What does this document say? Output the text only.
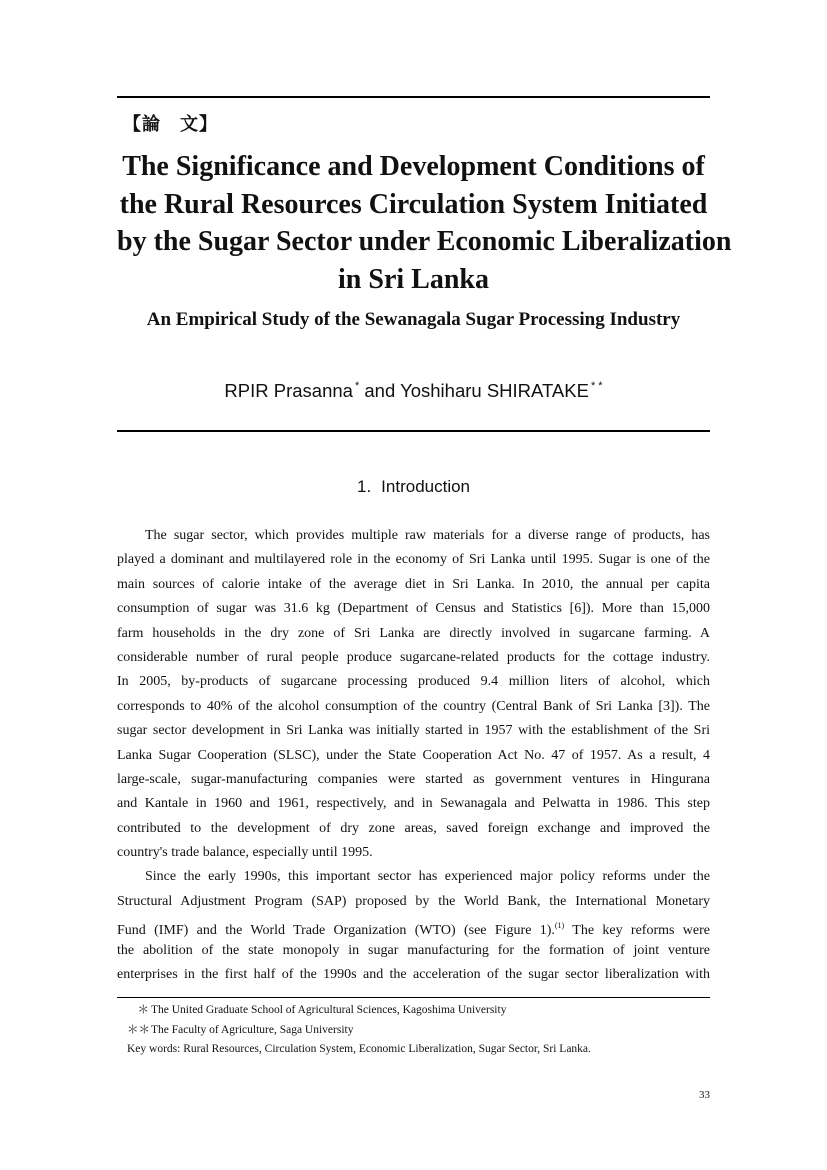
【論　文】
The Significance and Development Conditions of
the Rural Resources Circulation System Initiated
by the Sugar Sector under Economic Liberalization
in Sri Lanka
An Empirical Study of the Sewanagala Sugar Processing Industry
RPIR Prasanna * and Yoshiharu SHIRATAKE * *
1. Introduction
The sugar sector, which provides multiple raw materials for a diverse range of products, has
played a dominant and multilayered role in the economy of Sri Lanka until 1995. Sugar is one of the
main sources of calorie intake of the average diet in Sri Lanka. In 2010, the annual per capita
consumption of sugar was 31.6 kg (Department of Census and Statistics [6]). More than 15,000
farm households in the dry zone of Sri Lanka are directly involved in sugarcane farming. A
considerable number of rural people produce sugarcane-related products for the cottage industry.
In 2005, by-products of sugarcane processing produced 9.4 million liters of alcohol, which
corresponds to 40% of the alcohol consumption of the country (Central Bank of Sri Lanka [3]). The
sugar sector development in Sri Lanka was initially started in 1957 with the establishment of the Sri
Lanka Sugar Cooperation (SLSC), under the State Cooperation Act No. 47 of 1957. As a result, 4
large-scale, sugar-manufacturing companies were started as government ventures in Hingurana
and Kantale in 1960 and 1961, respectively, and in Sewanagala and Pelwatta in 1986. This step
contributed to the development of dry zone areas, saved foreign exchange and improved the
country's trade balance, especially until 1995.
Since the early 1990s, this important sector has experienced major policy reforms under the
Structural Adjustment Program (SAP) proposed by the World Bank, the International Monetary
Fund (IMF) and the World Trade Organization (WTO) (see Figure 1).$^{(1)}$ The key reforms were
the abolition of the state monopoly in sugar manufacturing for the formation of joint venture
enterprises in the first half of the 1990s and the acceleration of the sugar sector liberalization with
＊ The United Graduate School of Agricultural Sciences, Kagoshima University
＊＊The Faculty of Agriculture, Saga University
Key words: Rural Resources, Circulation System, Economic Liberalization, Sugar Sector, Sri Lanka.
33
